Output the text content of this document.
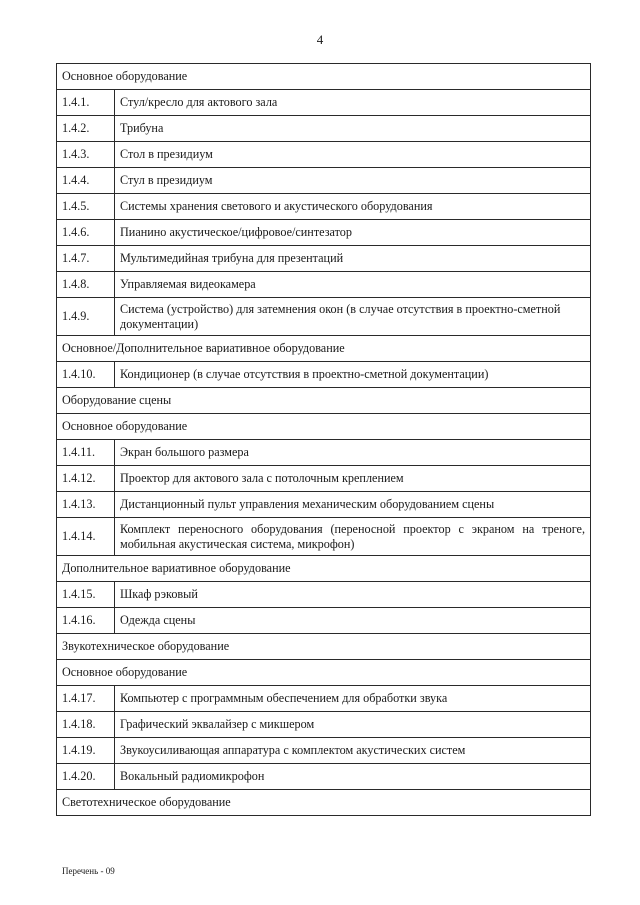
4
Основное оборудование	
1.4.1.	Стул/кресло для актового зала
1.4.2.	Трибуна
1.4.3.	Стол в президиум
1.4.4.	Стул в президиум
1.4.5.	Системы хранения светового и акустического оборудования
1.4.6.	Пианино акустическое/цифровое/синтезатор
1.4.7.	Мультимедийная трибуна для презентаций
1.4.8.	Управляемая видеокамера
1.4.9.	Система (устройство) для затемнения окон (в случае отсутствия в проектно-сметной документации)
Основное/Дополнительное вариативное оборудование	
1.4.10.	Кондиционер (в случае отсутствия в проектно-сметной документации)
Оборудование сцены	
Основное оборудование	
1.4.11.	Экран большого размера
1.4.12.	Проектор для актового зала с потолочным креплением
1.4.13.	Дистанционный пульт управления механическим оборудованием сцены
1.4.14.	Комплект переносного оборудования (переносной проектор с экраном на треноге, мобильная акустическая система, микрофон)
Дополнительное вариативное оборудование	
1.4.15.	Шкаф рэковый
1.4.16.	Одежда сцены
Звукотехническое оборудование	
Основное оборудование	
1.4.17.	Компьютер с программным обеспечением для обработки звука
1.4.18.	Графический эквалайзер с микшером
1.4.19.	Звукоусиливающая аппаратура с комплектом акустических систем
1.4.20.	Вокальный радиомикрофон
Светотехническое оборудование	
Перечень - 09
